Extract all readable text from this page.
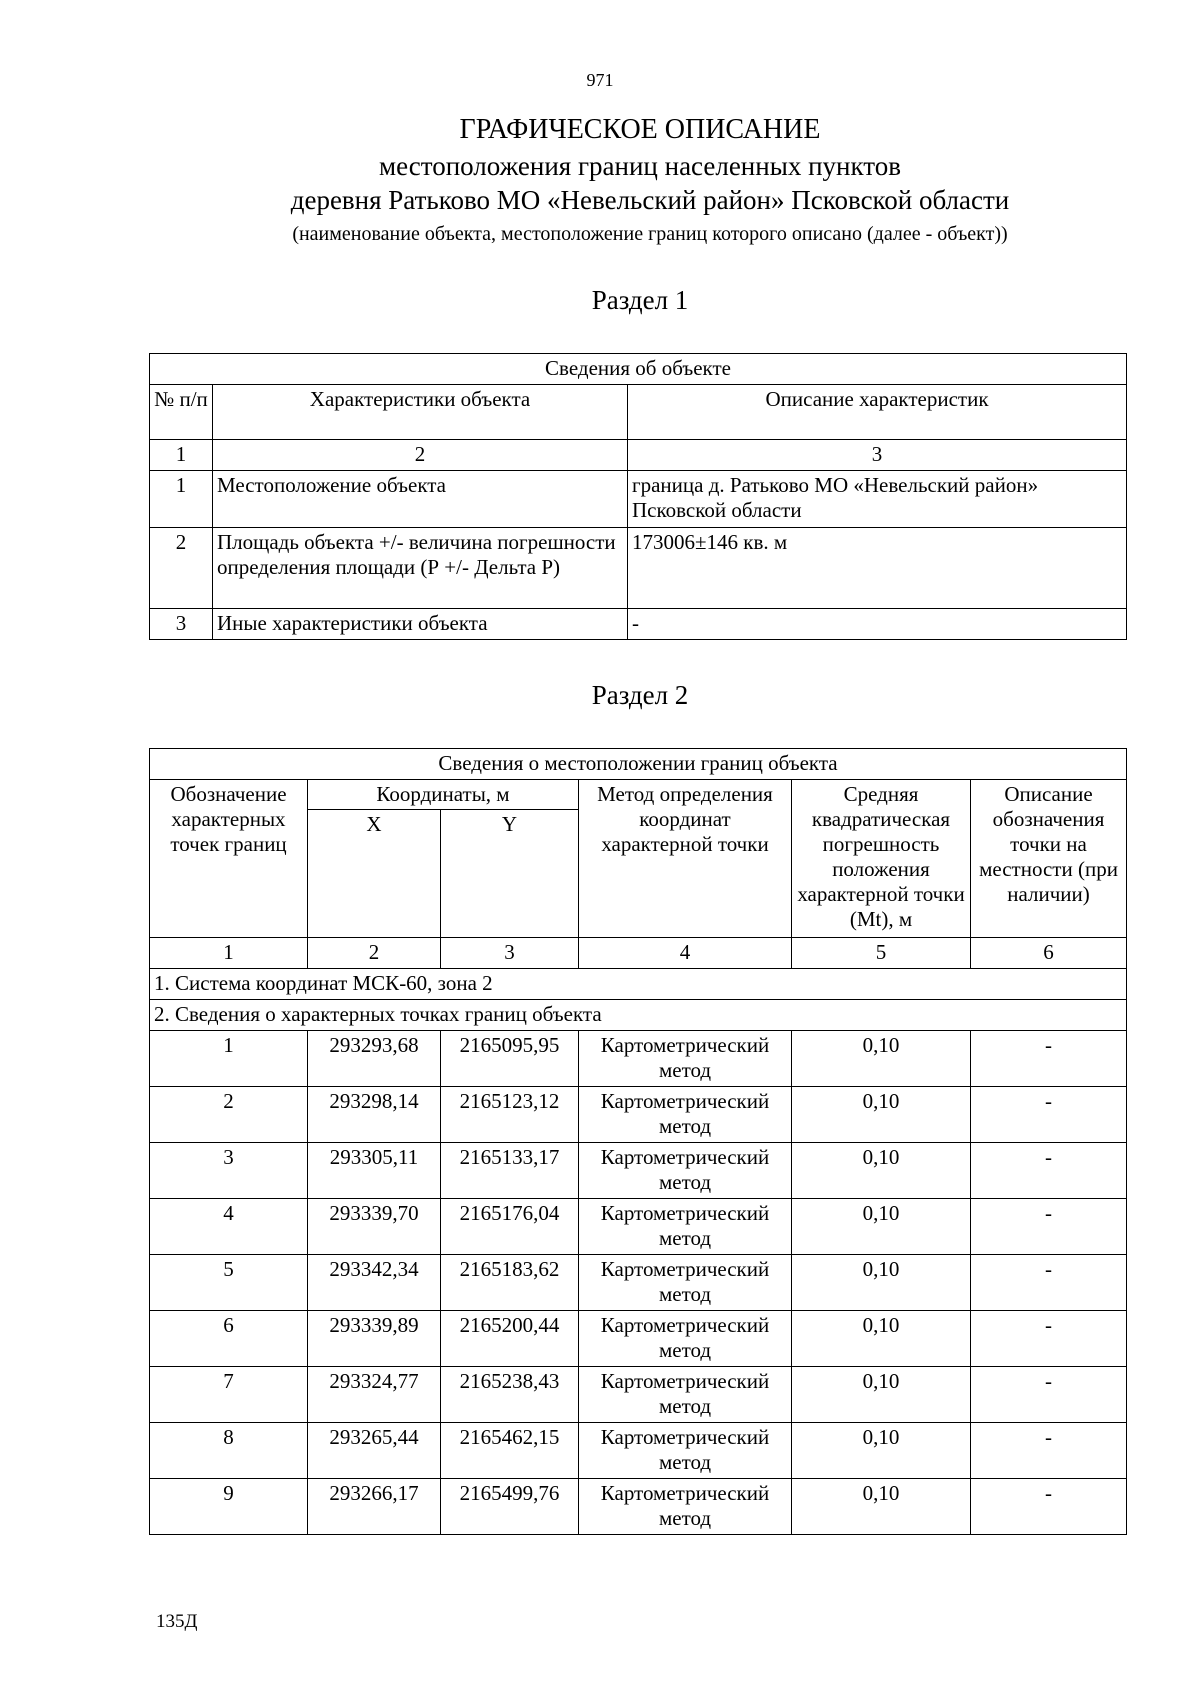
971
ГРАФИЧЕСКОЕ ОПИСАНИЕ
местоположения границ населенных пунктов
деревня Ратьково МО «Невельский район» Псковской области
(наименование объекта, местоположение границ которого описано (далее - объект))
Раздел 1
Сведения об объекте		
№ п/п	Характеристики объекта	Описание характеристик
1	2	3
1	Местоположение объекта	граница д. Ратьково МО «Невельский район» Псковской области
2	Площадь объекта +/- величина погрешности определения площади (Р +/- Дельта Р)	173006±146 кв. м
3	Иные характеристики объекта	-
Раздел 2
Сведения о местоположении границ объекта					
Обозначение характерных точек границ	Координаты, м		Метод определения координат характерной точки	Средняя квадратическая погрешность положения характерной точки (Mt), м	Описание обозначения точки на местности (при наличии)
	X	Y			
1	2	3	4	5	6
1. Система координат МСК-60, зона 2					
2. Сведения о характерных точках границ объекта					
1	293293,68	2165095,95	Картометрический метод	0,10	-
2	293298,14	2165123,12	Картометрический метод	0,10	-
3	293305,11	2165133,17	Картометрический метод	0,10	-
4	293339,70	2165176,04	Картометрический метод	0,10	-
5	293342,34	2165183,62	Картометрический метод	0,10	-
6	293339,89	2165200,44	Картометрический метод	0,10	-
7	293324,77	2165238,43	Картометрический метод	0,10	-
8	293265,44	2165462,15	Картометрический метод	0,10	-
9	293266,17	2165499,76	Картометрический метод	0,10	-
135Д
